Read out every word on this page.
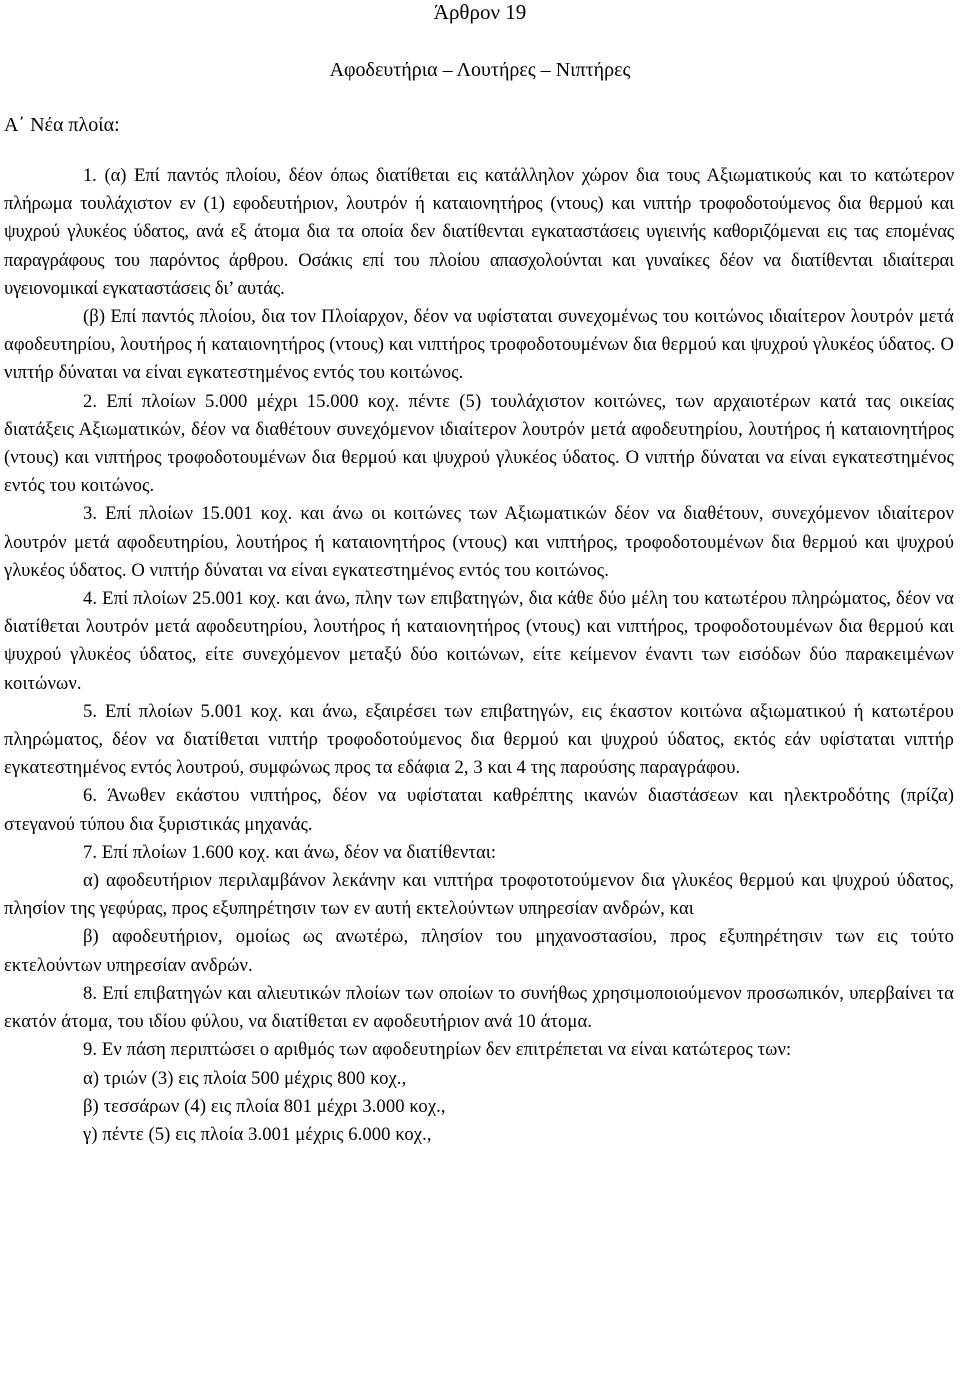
Άρθρον 19
Αφοδευτήρια – Λουτήρες – Νιπτήρες
Α΄ Νέα πλοία:

1. (α) Επί παντός πλοίου, δέον όπως διατίθεται εις κατάλληλον χώρον δια τους Αξιωματικούς και το κατώτερον πλήρωμα τουλάχιστον εν (1) εφοδευτήριον, λουτρόν ή καταιονητήρος (ντους) και νιπτήρ τροφοδοτούμενος δια θερμού και ψυχρού γλυκέος ύδατος, ανά εξ άτομα δια τα οποία δεν διατίθενται εγκαταστάσεις υγιεινής καθοριζόμεναι εις τας επομένας παραγράφους του παρόντος άρθρου. Οσάκις επί του πλοίου απασχολούνται και γυναίκες δέον να διατίθενται ιδιαίτεραι υγειονομικαί εγκαταστάσεις δι’ αυτάς.

(β) Επί παντός πλοίου, δια τον Πλοίαρχον, δέον να υφίσταται συνεχομένως του κοιτώνος ιδιαίτερον λουτρόν μετά αφοδευτηρίου, λουτήρος ή καταιονητήρος (ντους) και νιπτήρος τροφοδοτουμένων δια θερμού και ψυχρού γλυκέος ύδατος. Ο νιπτήρ δύναται να είναι εγκατεστημένος εντός του κοιτώνος.

2. Επί πλοίων 5.000 μέχρι 15.000 κοχ. πέντε (5) τουλάχιστον κοιτώνες, των αρχαιοτέρων κατά τας οικείας διατάξεις Αξιωματικών, δέον να διαθέτουν συνεχόμενον ιδιαίτερον λουτρόν μετά αφοδευτηρίου, λουτήρος ή καταιονητήρος (ντους) και νιπτήρος τροφοδοτουμένων δια θερμού και ψυχρού γλυκέος ύδατος. Ο νιπτήρ δύναται να είναι εγκατεστημένος εντός του κοιτώνος.

3. Επί πλοίων 15.001 κοχ. και άνω οι κοιτώνες των Αξιωματικών δέον να διαθέτουν, συνεχόμενον ιδιαίτερον λουτρόν μετά αφοδευτηρίου, λουτήρος ή καταιονητήρος (ντους) και νιπτήρος, τροφοδοτουμένων δια θερμού και ψυχρού γλυκέος ύδατος. Ο νιπτήρ δύναται να είναι εγκατεστημένος εντός του κοιτώνος.

4. Επί πλοίων 25.001 κοχ. και άνω, πλην των επιβατηγών, δια κάθε δύο μέλη του κατωτέρου πληρώματος, δέον να διατίθεται λουτρόν μετά αφοδευτηρίου, λουτήρος ή καταιονητήρος (ντους) και νιπτήρος, τροφοδοτουμένων δια θερμού και ψυχρού γλυκέος ύδατος, είτε συνεχόμενον μεταξύ δύο κοιτώνων, είτε κείμενον έναντι των εισόδων δύο παρακειμένων κοιτώνων.

5. Επί πλοίων 5.001 κοχ. και άνω, εξαιρέσει των επιβατηγών, εις έκαστον κοιτώνα αξιωματικού ή κατωτέρου πληρώματος, δέον να διατίθεται νιπτήρ τροφοδοτούμενος δια θερμού και ψυχρού ύδατος, εκτός εάν υφίσταται νιπτήρ εγκατεστημένος εντός λουτρού, συμφώνως προς τα εδάφια 2, 3 και 4 της παρούσης παραγράφου.

6. Άνωθεν εκάστου νιπτήρος, δέον να υφίσταται καθρέπτης ικανών διαστάσεων και ηλεκτροδότης (πρίζα) στεγανού τύπου δια ξυριστικάς μηχανάς.

7. Επί πλοίων 1.600 κοχ. και άνω, δέον να διατίθενται:

α) αφοδευτήριον περιλαμβάνον λεκάνην και νιπτήρα τροφοτοτούμενον δια γλυκέος θερμού και ψυχρού ύδατος, πλησίον της γεφύρας, προς εξυπηρέτησιν των εν αυτή εκτελούντων υπηρεσίαν ανδρών, και

β) αφοδευτήριον, ομοίως ως ανωτέρω, πλησίον του μηχανοστασίου, προς εξυπηρέτησιν των εις τούτο εκτελούντων υπηρεσίαν ανδρών.

8. Επί επιβατηγών και αλιευτικών πλοίων των οποίων το συνήθως χρησιμοποιούμενον προσωπικόν, υπερβαίνει τα εκατόν άτομα, του ιδίου φύλου, να διατίθεται εν αφοδευτήριον ανά 10 άτομα.

9. Εν πάση περιπτώσει ο αριθμός των αφοδευτηρίων δεν επιτρέπεται να είναι κατώτερος των:

α) τριών (3) εις πλοία 500 μέχρις 800 κοχ.,

β) τεσσάρων (4) εις πλοία 801 μέχρι 3.000 κοχ.,

γ) πέντε (5) εις πλοία 3.001 μέχρις 6.000 κοχ.,
